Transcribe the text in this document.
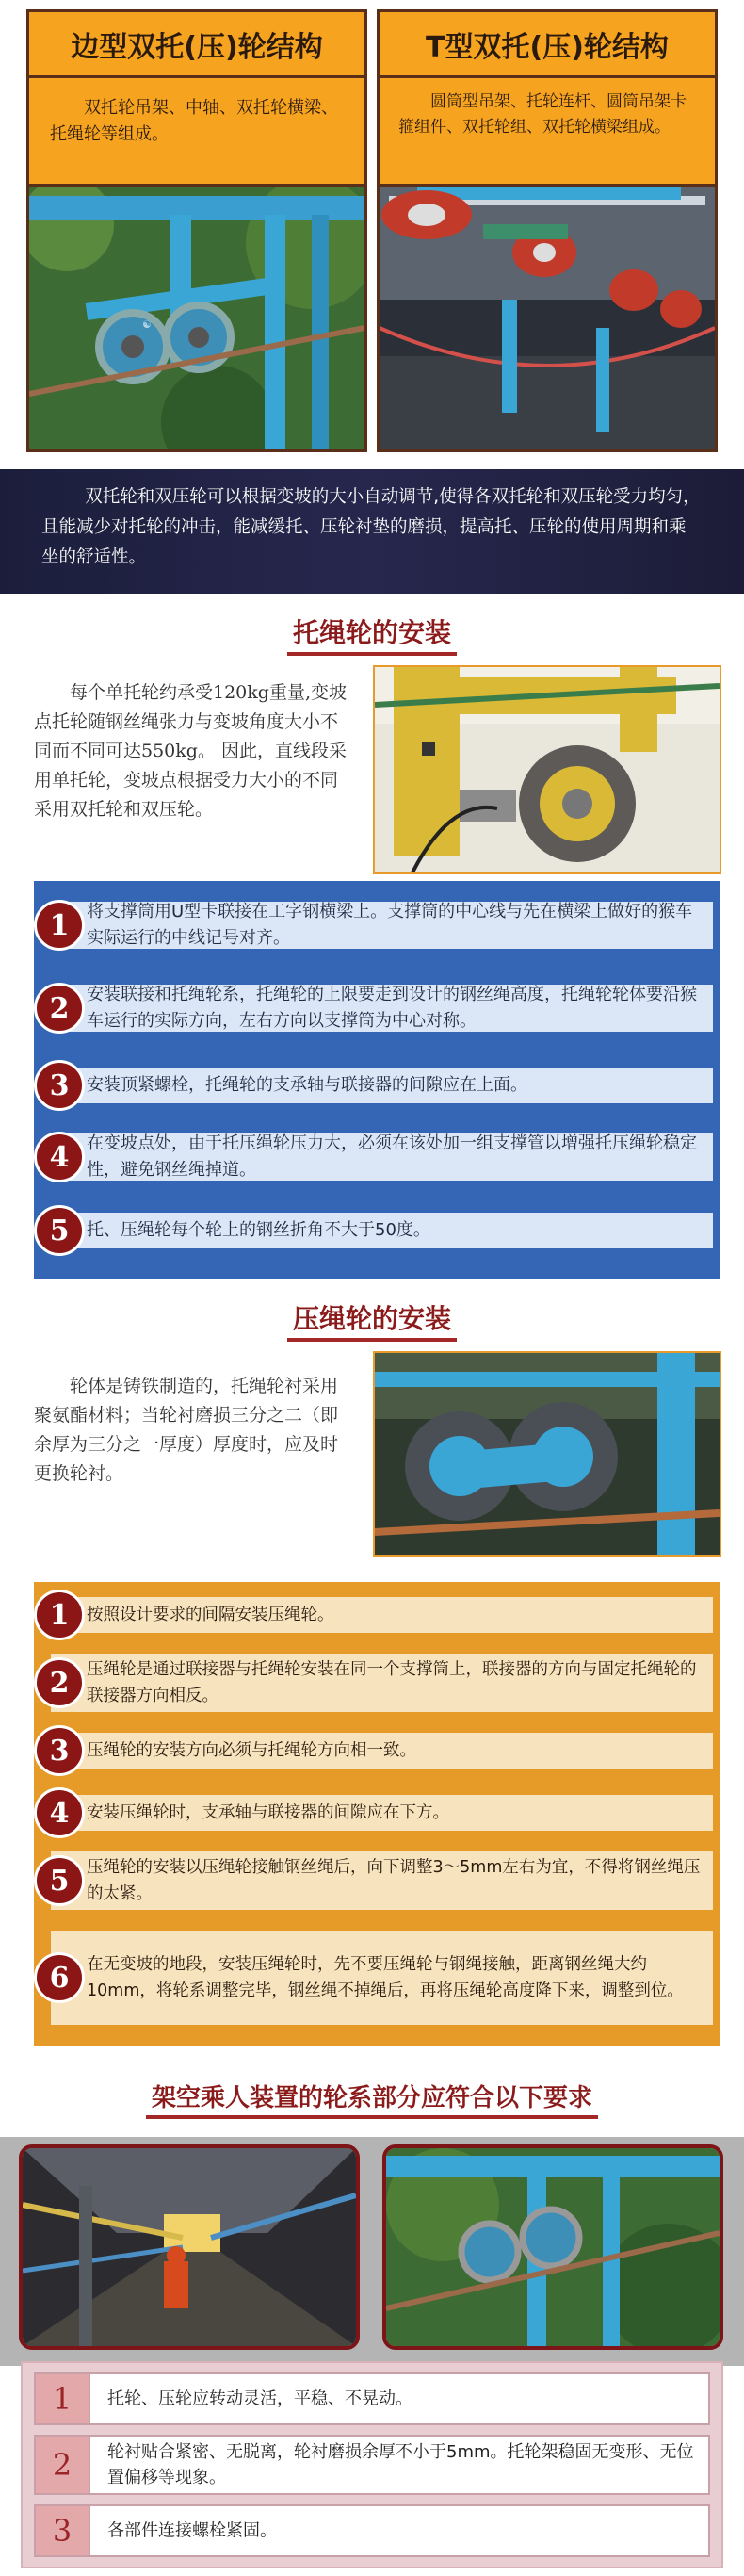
边型双托(压)轮结构
双托轮吊架、中轴、双托轮横梁、托绳轮等组成。
☯
T型双托(压)轮结构
圆筒型吊架、托轮连杆、圆筒吊架卡箍组件、双托轮组、双托轮横梁组成。

双托轮和双压轮可以根据变坡的大小自动调节,使得各双托轮和双压轮受力均匀，且能减少对托轮的冲击，能减缓托、压轮衬垫的磨损，提高托、压轮的使用周期和乘坐的舒适性。

托绳轮的安装
每个单托轮约承受120kg重量,变坡点托轮随钢丝绳张力与变坡角度大小不同而不同可达550kg。 因此，直线段采用单托轮，变坡点根据受力大小的不同采用双托轮和双压轮。
1	将支撑筒用U型卡联接在工字钢横梁上。支撑筒的中心线与先在横梁上做好的猴车实际运行的中线记号对齐。
2	安装联接和托绳轮系，托绳轮的上限要走到设计的钢丝绳高度，托绳轮轮体要沿猴车运行的实际方向，左右方向以支撑筒为中心对称。
3	安装顶紧螺栓，托绳轮的支承轴与联接器的间隙应在上面。
4	在变坡点处，由于托压绳轮压力大，必须在该处加一组支撑管以增强托压绳轮稳定性，避免钢丝绳掉道。
5	托、压绳轮每个轮上的钢丝折角不大于50度。
压绳轮的安装
轮体是铸铁制造的，托绳轮衬采用聚氨酯材料；当轮衬磨损三分之二（即余厚为三分之一厚度）厚度时，应及时更换轮衬。
1	按照设计要求的间隔安装压绳轮。
2	压绳轮是通过联接器与托绳轮安装在同一个支撑筒上，联接器的方向与固定托绳轮的联接器方向相反。
3	压绳轮的安装方向必须与托绳轮方向相一致。
4	安装压绳轮时，支承轴与联接器的间隙应在下方。
5	压绳轮的安装以压绳轮接触钢丝绳后，向下调整3～5mm左右为宜，不得将钢丝绳压的太紧。
6	在无变坡的地段，安装压绳轮时，先不要压绳轮与钢绳接触，距离钢丝绳大约10mm，将轮系调整完毕，钢丝绳不掉绳后，再将压绳轮高度降下来，调整到位。
架空乘人装置的轮系部分应符合以下要求
1	托轮、压轮应转动灵活，平稳、不晃动。
2	轮衬贴合紧密、无脱离，轮衬磨损余厚不小于5mm。托轮架稳固无变形、无位置偏移等现象。
3	各部件连接螺栓紧固。
